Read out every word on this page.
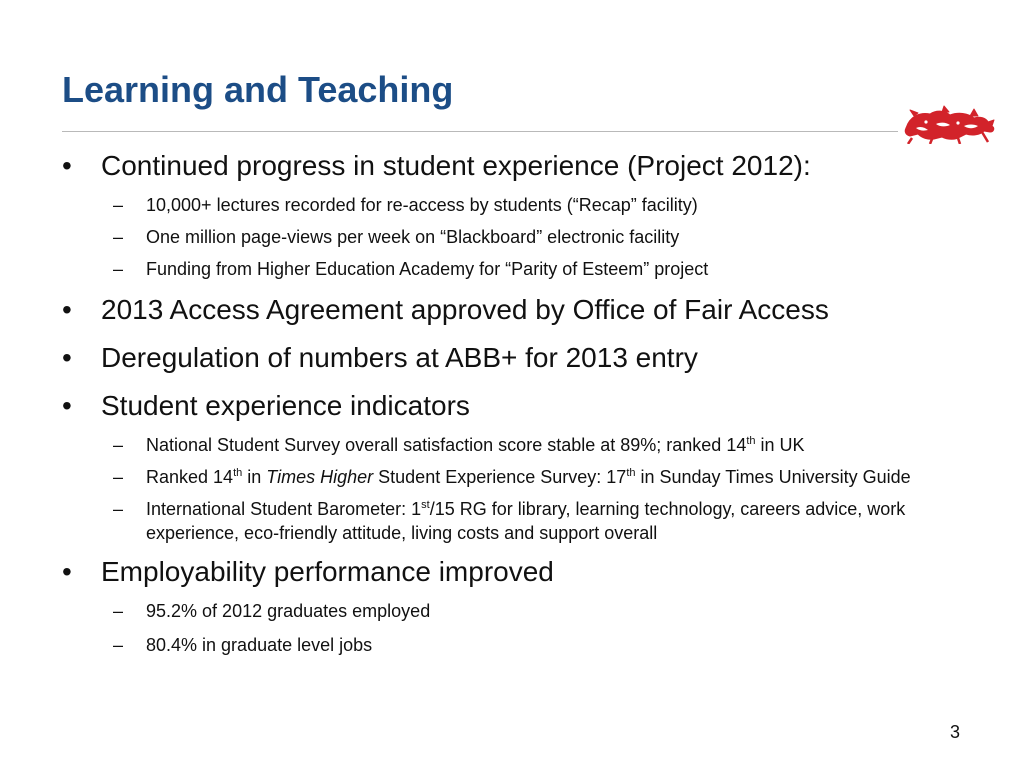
Learning and Teaching
•	Continued progress in student experience (Project 2012):
– 10,000+ lectures recorded for re-access by students (“Recap” facility)
– One million page-views per week on “Blackboard” electronic facility
– Funding from Higher Education Academy for “Parity of Esteem” project
•	2013 Access Agreement approved by Office of Fair Access
•	Deregulation of numbers at ABB+ for 2013 entry
•	Student experience indicators
– National Student Survey overall satisfaction score stable at 89%; ranked 14th in UK
– Ranked 14th in Times Higher Student Experience Survey: 17th in Sunday Times University Guide
– International Student Barometer: 1st/15 RG for library, learning technology, careers advice, work experience, eco-friendly attitude, living costs and support overall
•	Employability performance improved
– 95.2% of 2012 graduates employed
– 80.4% in graduate level jobs
3
